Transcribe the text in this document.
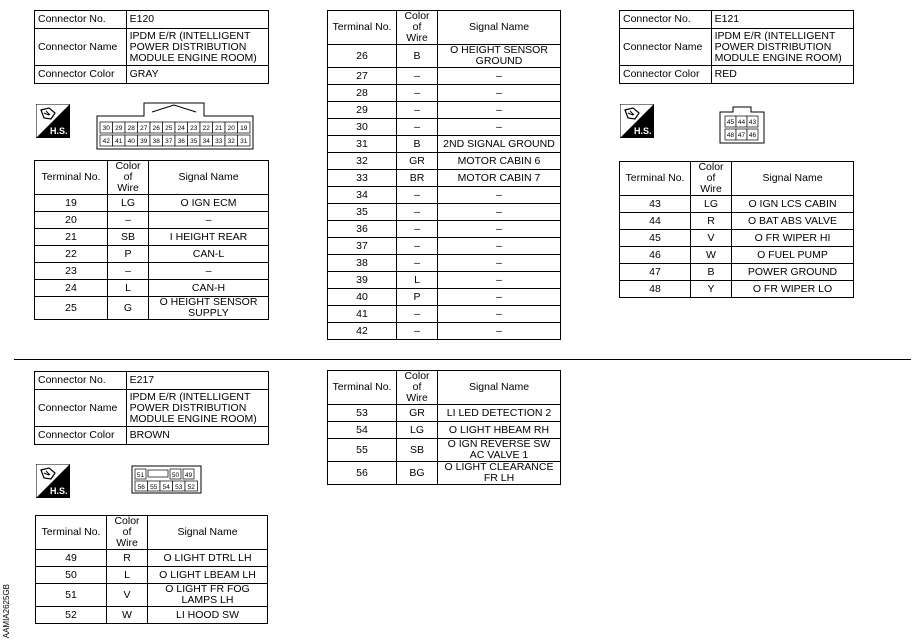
Connector No.	E120
Connector Name	IPDM E/R (INTELLIGENT
POWER DISTRIBUTION
MODULE ENGINE ROOM)
Connector Color	GRAY
H.S.	30 29 28 27 26 25 24 23 22 21 20 19
42 41 40 39 38 37 36 35 34 33 32 31
Terminal No.	Color of
Wire	Signal Name
19	LG	O IGN ECM
20	–	–
21	SB	I HEIGHT REAR
22	P	CAN-L
23	–	–
24	L	CAN-H
25	G	O HEIGHT SENSOR
SUPPLY
Terminal No.	Color of
Wire	Signal Name
26	B	O HEIGHT SENSOR
GROUND
27	–	–
28	–	–
29	–	–
30	–	–
31	B	2ND SIGNAL GROUND
32	GR	MOTOR CABIN 6
33	BR	MOTOR CABIN 7
34	–	–
35	–	–
36	–	–
37	–	–
38	–	–
39	L	–
40	P	–
41	–	–
42	–	–
Connector No.	E121
Connector Name	IPDM E/R (INTELLIGENT
POWER DISTRIBUTION
MODULE ENGINE ROOM)
Connector Color	RED
H.S.
45 44 43
48 47 46
Terminal No.	Color of
Wire	Signal Name
43	LG	O IGN LCS CABIN
44	R	O BAT ABS VALVE
45	V	O FR WIPER HI
46	W	O FUEL PUMP
47	B	POWER GROUND
48	Y	O FR WIPER LO
Connector No.	E217
Connector Name	IPDM E/R (INTELLIGENT
POWER DISTRIBUTION
MODULE ENGINE ROOM)
Connector Color	BROWN
H.S.
51	50 49
56 55 54 53 52
Terminal No.	Color of
Wire	Signal Name
49	R	O LIGHT DTRL LH
50	L	O LIGHT LBEAM LH
51	V	O LIGHT FR FOG
LAMPS LH
52	W	LI HOOD SW
Terminal No.	Color of
Wire	Signal Name
53	GR	LI LED DETECTION 2
54	LG	O LIGHT HBEAM RH
55	SB	O IGN REVERSE SW
AC VALVE 1
56	BG	O LIGHT CLEARANCE
FR LH
AAMIA2625GB
